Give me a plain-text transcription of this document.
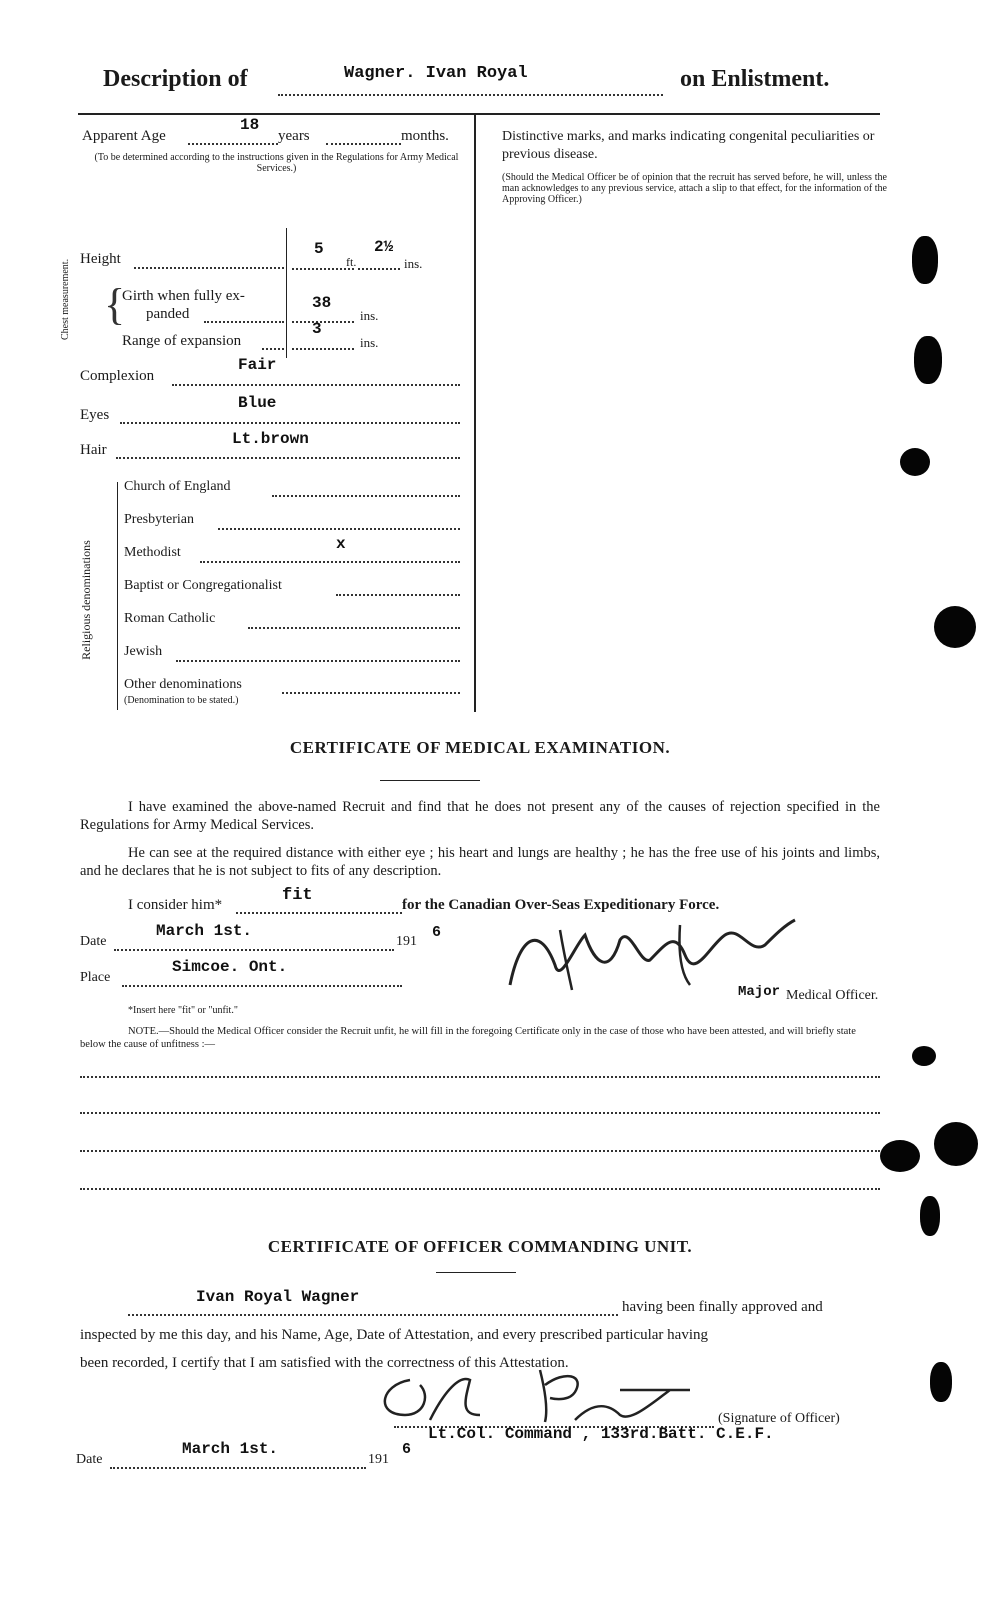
Description of	Wagner. Ivan Royal	on Enlistment.
Apparent Age
18
years	months.
(To be determined according to the instructions given in the Regulations for Army Medical Services.)
Height
5
ft.
2½
ins.
Chest measurement. {
Girth when fully ex-
panded
38
ins.
Range of expansion
3
ins.
Complexion
Fair
Eyes
Blue
Hair
Lt.brown
Religious denominations
Church of England
Presbyterian
Methodist	x
Baptist or Congregationalist
Roman Catholic
Jewish
Other denominations
(Denomination to be stated.)
Distinctive marks, and marks indicating congenital peculiarities or previous disease.
(Should the Medical Officer be of opinion that the recruit has served before, he will, unless the man acknowledges to any previous service, attach a slip to that effect, for the information of the Approving Officer.)
CERTIFICATE OF MEDICAL EXAMINATION.
I have examined the above-named Recruit and find that he does not present any of the causes of rejection specified in the Regulations for Army Medical Services.
He can see at the required distance with either eye ; his heart and lungs are healthy ; he has the free use of his joints and limbs, and he declares that he is not subject to fits of any description.
I consider him*	fit	for the Canadian Over-Seas Expeditionary Force.
Date
March 1st.
191
6
Place
Simcoe. Ont.
Major Medical Officer.
*Insert here "fit" or "unfit."
NOTE.—Should the Medical Officer consider the Recruit unfit, he will fill in the foregoing Certificate only in the case of those who have been attested, and will briefly state below the cause of unfitness :—
CERTIFICATE OF OFFICER COMMANDING UNIT.
Ivan Royal Wagner
having been finally approved and
inspected by me this day, and his Name, Age, Date of Attestation, and every prescribed particular having
been recorded, I certify that I am satisfied with the correctness of this Attestation.
(Signature of Officer)
Lt.Col. Command , 133rd.Batt. C.E.F.
Date
March 1st.
191
6
